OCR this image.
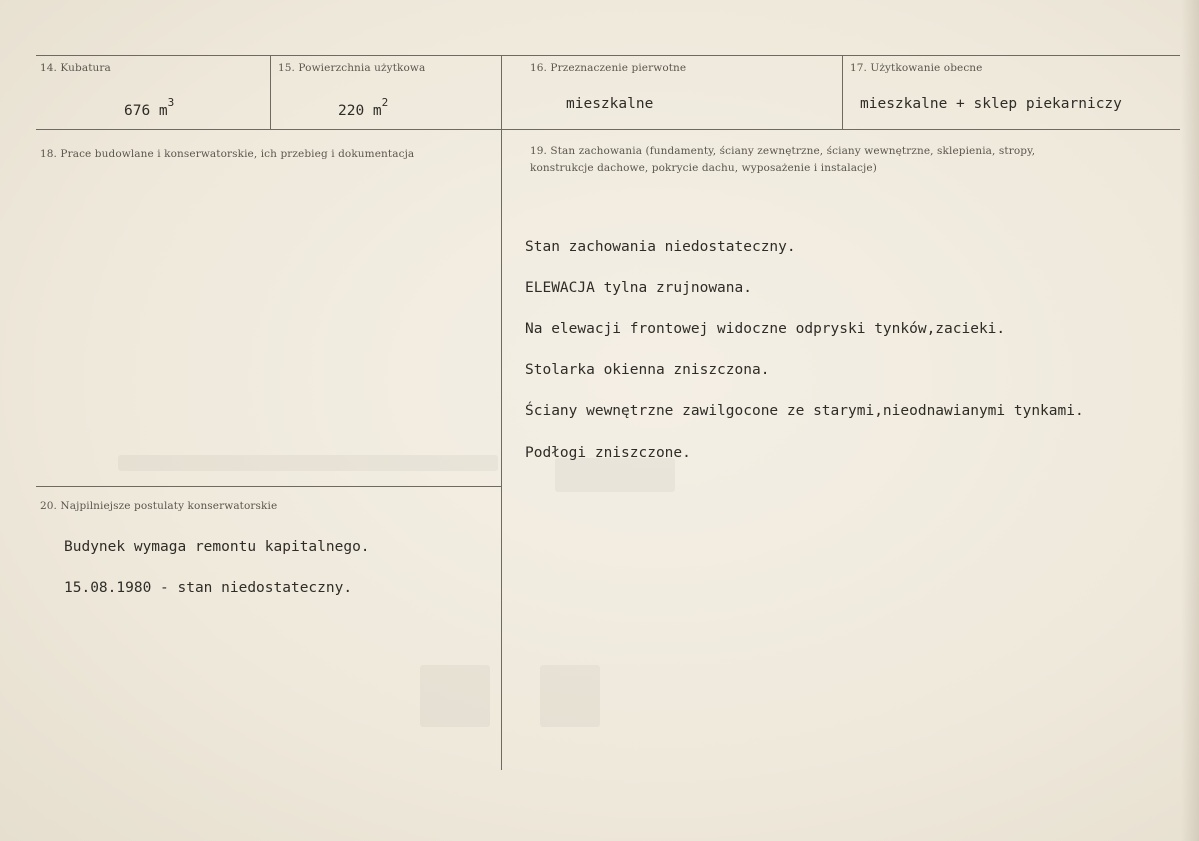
14. Kubatura
676 $m^3$
15. Powierzchnia użytkowa
220 $m^2$
16. Przeznaczenie pierwotne
mieszkalne
17. Użytkowanie obecne
mieszkalne + sklep piekarniczy
18. Prace budowlane i konserwatorskie, ich przebieg i dokumentacja	19. Stan zachowania (fundamenty, ściany zewnętrzne, ściany wewnętrzne, sklepienia, stropy, konstrukcje dachowe, pokrycie dachu, wyposażenie i instalacje)

Stan zachowania niedostateczny.

ELEWACJA tylna zrujnowana.

Na elewacji frontowej widoczne odpryski tynków,zacieki.

Stolarka okienna zniszczona.

Ściany wewnętrzne zawilgocone ze starymi,nieodnawianymi tynkami.

Podłogi zniszczone.

20. Najpilniejsze postulaty konserwatorskie

Budynek wymaga remontu kapitalnego.

15.08.1980 - stan niedostateczny.
